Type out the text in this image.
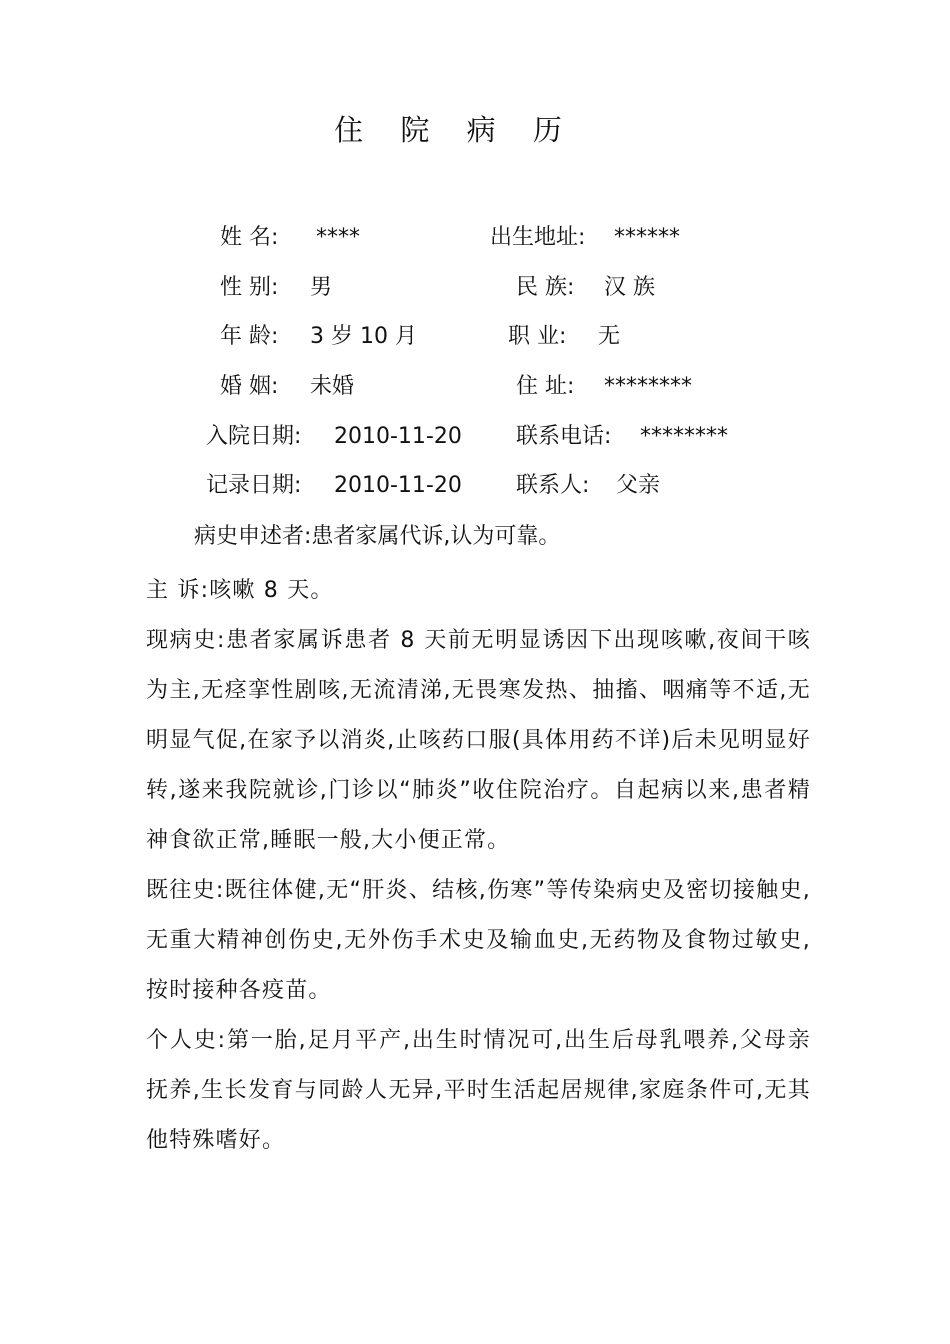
住 院 病 历
姓 名: ****	出生地址: ******
性 别: 男	民 族: 汉 族
年 龄: 3 岁 10 月	职 业: 无
婚 姻: 未婚	住 址: ********
入院日期: 2010-11-20 联系电话: ********
记录日期: 2010-11-20 联系人: 父亲
病史申述者:患者家属代诉,认为可靠。

主 诉:咳嗽 8 天。

现病史:患者家属诉患者 8 天前无明显诱因下出现咳嗽,夜间干咳为主,无痉挛性剧咳,无流清涕,无畏寒发热、抽搐、咽痛等不适,无明显气促,在家予以消炎,止咳药口服(具体用药不详)后未见明显好转,遂来我院就诊,门诊以“肺炎”收住院治疗。自起病以来,患者精神食欲正常,睡眠一般,大小便正常。

既往史:既往体健,无“肝炎、结核,伤寒”等传染病史及密切接触史,无重大精神创伤史,无外伤手术史及输血史,无药物及食物过敏史,按时接种各疫苗。

个人史:第一胎,足月平产,出生时情况可,出生后母乳喂养,父母亲抚养,生长发育与同龄人无异,平时生活起居规律,家庭条件可,无其他特殊嗜好。
